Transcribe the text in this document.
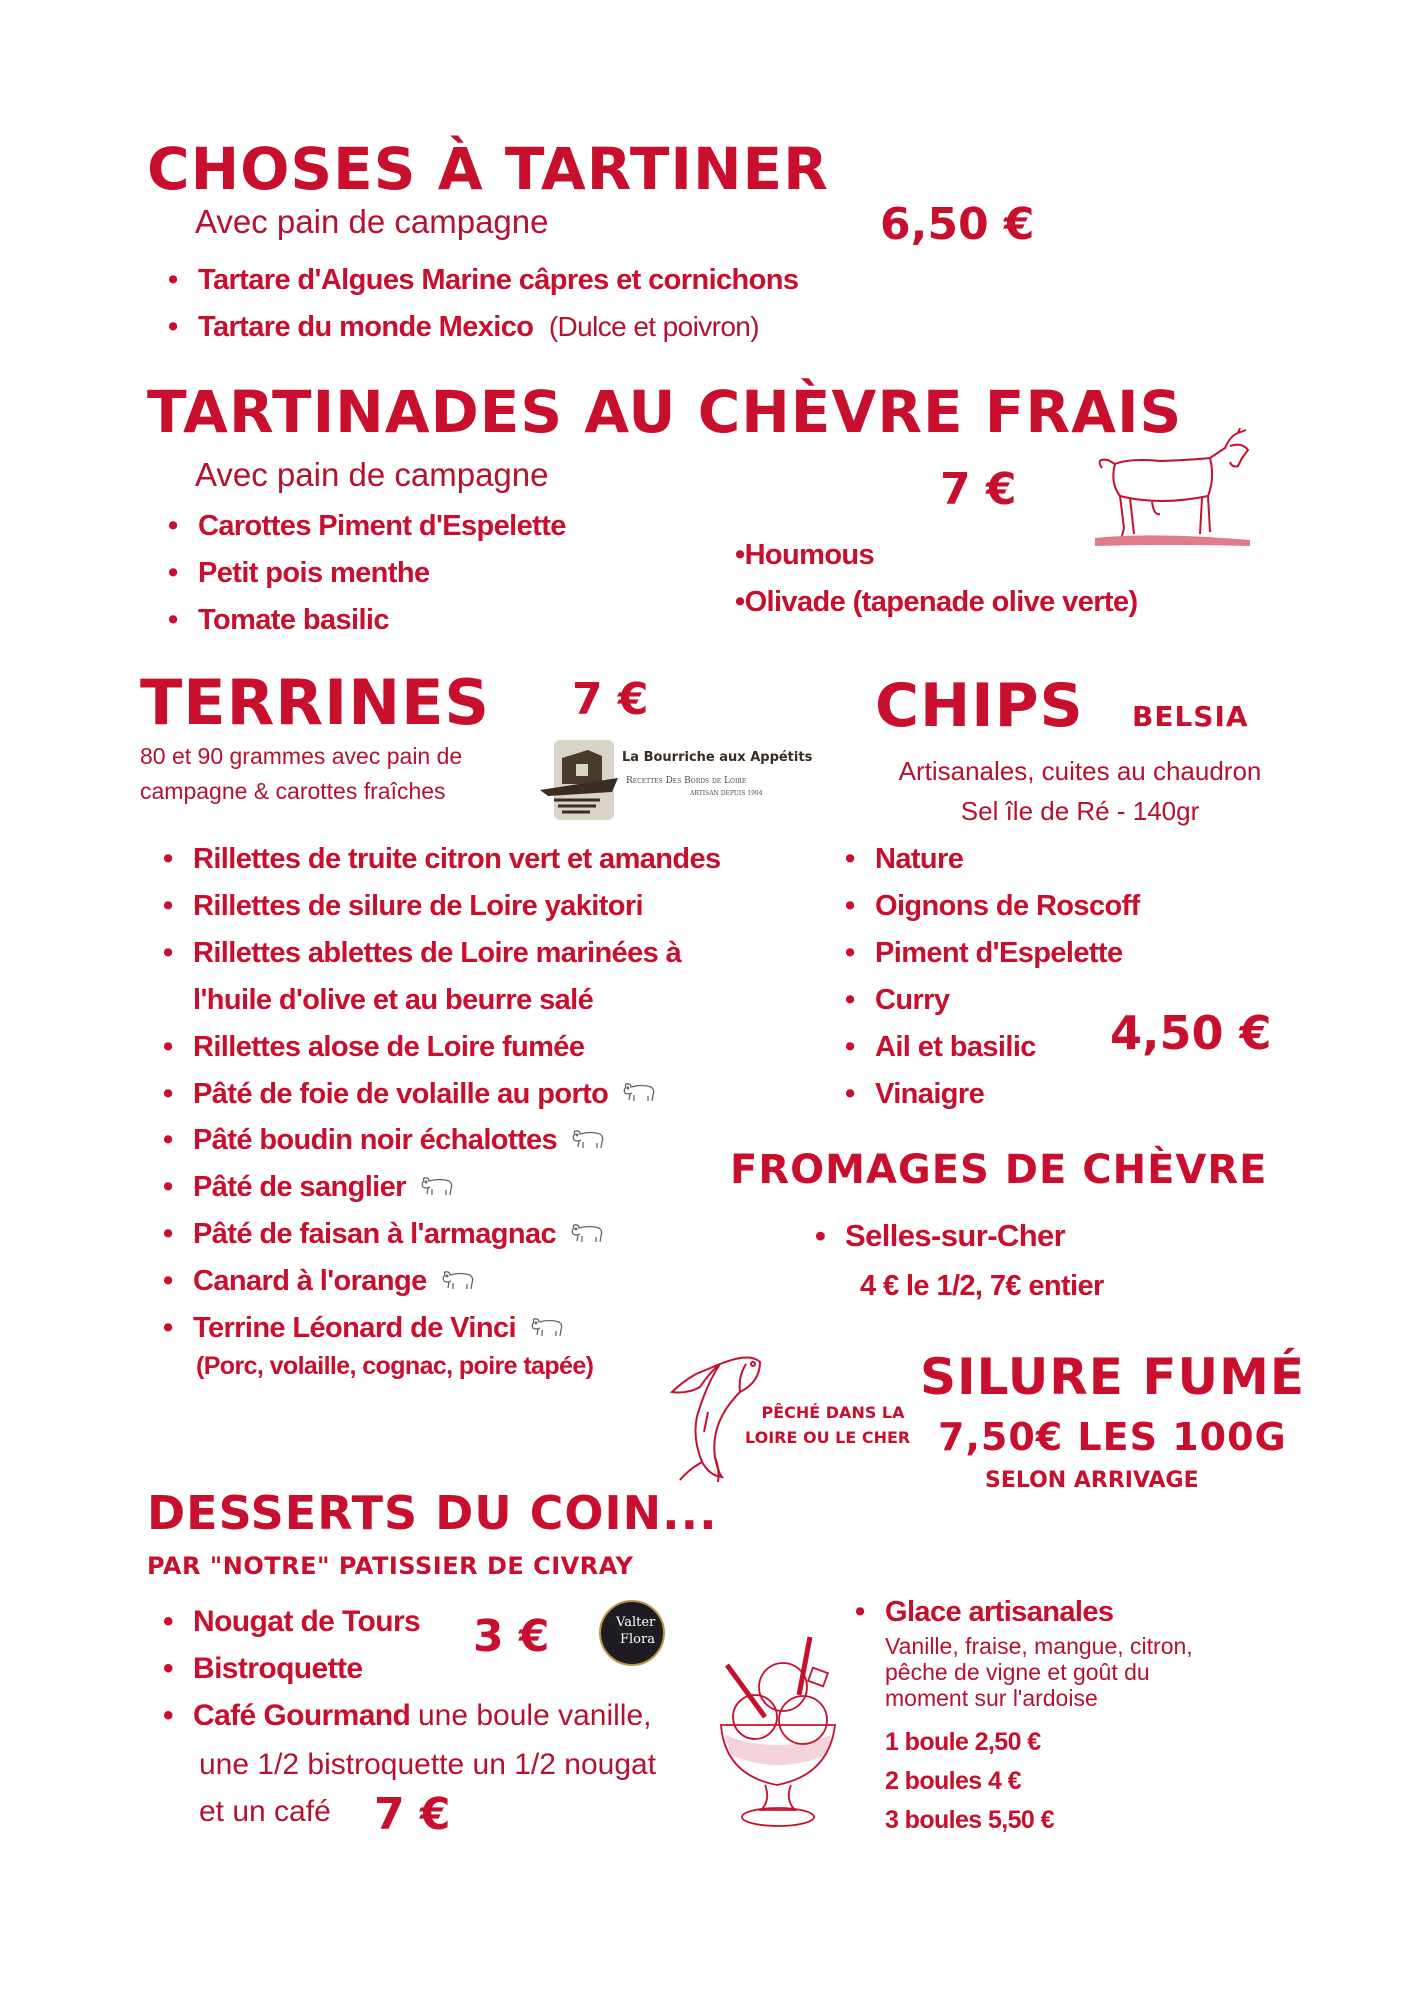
CHOSES À TARTINER
Avec pain de campagne	6,50 €
• Tartare d'Algues Marine câpres et cornichons
• Tartare du monde Mexico (Dulce et poivron)
TARTINADES AU CHÈVRE FRAIS
Avec pain de campagne	7 €
• Carottes Piment d'Espelette
• Petit pois menthe
• Tomate basilic
•Houmous
•Olivade (tapenade olive verte)
TERRINES 7 €
80 et 90 grammes avec pain de
campagne & carottes fraîches
La Bourriche aux Appétits
Recettes Des Bords de Loire
ARTISAN DEPUIS 1994
• Rillettes de truite citron vert et amandes
• Rillettes de silure de Loire yakitori
• Rillettes ablettes de Loire marinées à
l'huile d'olive et au beurre salé
• Rillettes alose de Loire fumée
• Pâté de foie de volaille au porto
• Pâté boudin noir échalottes
• Pâté de sanglier
• Pâté de faisan à l'armagnac
• Canard à l'orange
• Terrine Léonard de Vinci
(Porc, volaille, cognac, poire tapée)
CHIPS BELSIA
Artisanales, cuites au chaudron
Sel île de Ré - 140gr
• Nature
• Oignons de Roscoff
• Piment d'Espelette
• Curry
• Ail et basilic
• Vinaigre
4,50 €
FROMAGES DE CHÈVRE
• Selles-sur-Cher
4 € le 1/2, 7€ entier
PÊCHÉ DANS LA
LOIRE OU LE CHER
SILURE FUMÉ
7,50€ LES 100G
SELON ARRIVAGE
DESSERTS DU COIN...
PAR "NOTRE" PATISSIER DE CIVRAY
• Nougat de Tours
• Bistroquette
3 €	Valter
Flora
• Café Gourmand une boule vanille,
une 1/2 bistroquette un 1/2 nougat
et un café 7 €
• Glace artisanales
Vanille, fraise, mangue, citron,
pêche de vigne et goût du
moment sur l'ardoise
1 boule 2,50 €
2 boules 4 €
3 boules 5,50 €
